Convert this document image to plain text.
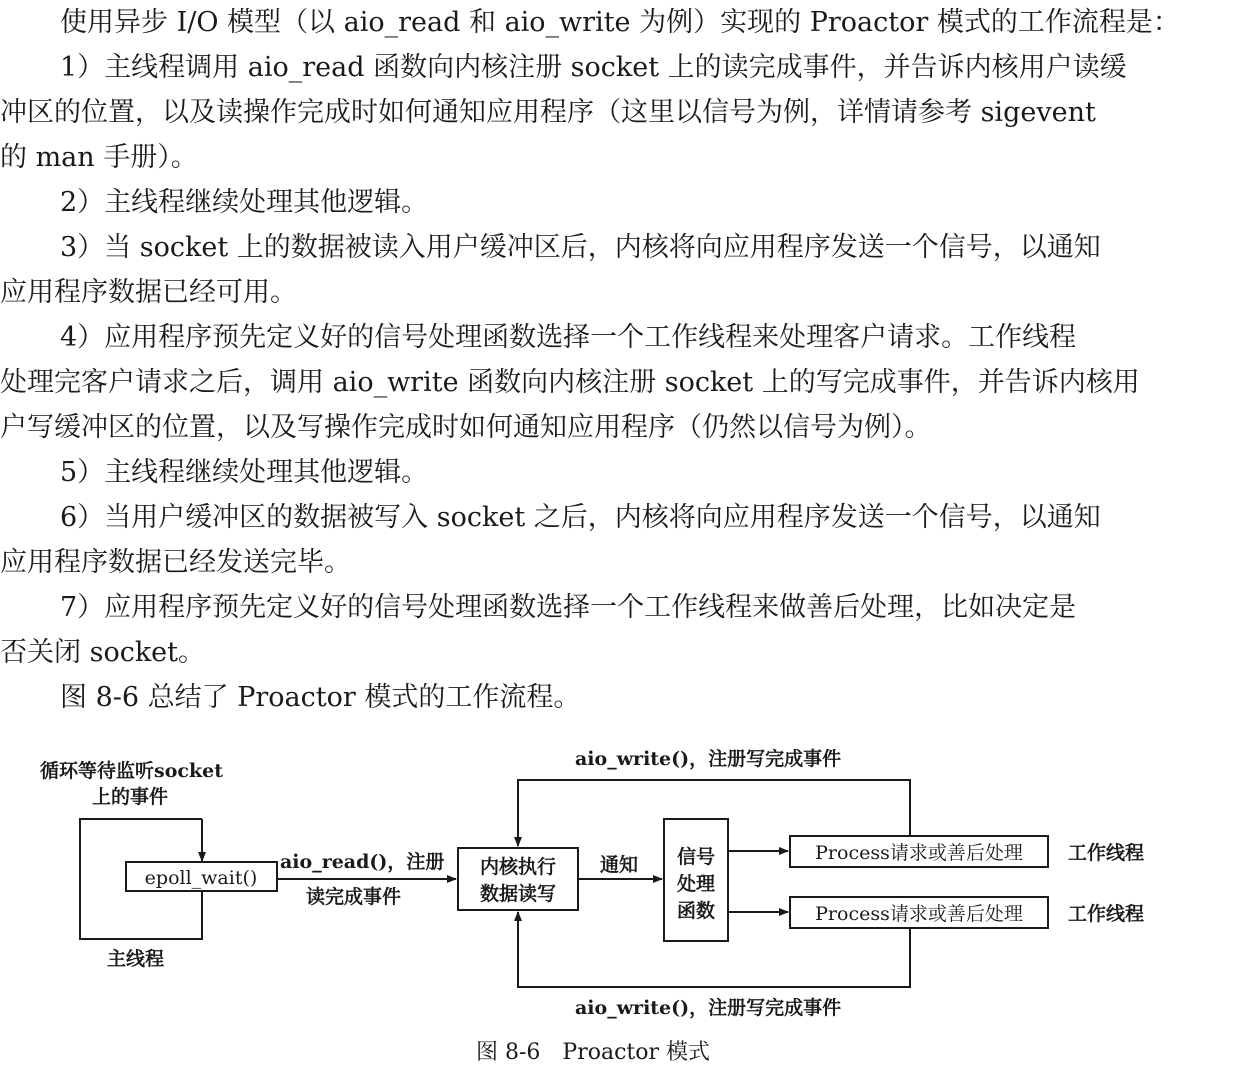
使用异步 I/O 模型（以 aio_read 和 aio_write 为例）实现的 Proactor 模式的工作流程是：
1）主线程调用 aio_read 函数向内核注册 socket 上的读完成事件，并告诉内核用户读缓
冲区的位置，以及读操作完成时如何通知应用程序（这里以信号为例，详情请参考 sigevent
的 man 手册）。
2）主线程继续处理其他逻辑。
3）当 socket 上的数据被读入用户缓冲区后，内核将向应用程序发送一个信号，以通知
应用程序数据已经可用。
4）应用程序预先定义好的信号处理函数选择一个工作线程来处理客户请求。工作线程
处理完客户请求之后，调用 aio_write 函数向内核注册 socket 上的写完成事件，并告诉内核用
户写缓冲区的位置，以及写操作完成时如何通知应用程序（仍然以信号为例）。
5）主线程继续处理其他逻辑。
6）当用户缓冲区的数据被写入 socket 之后，内核将向应用程序发送一个信号，以通知
应用程序数据已经发送完毕。
7）应用程序预先定义好的信号处理函数选择一个工作线程来做善后处理，比如决定是
否关闭 socket。
图 8-6 总结了 Proactor 模式的工作流程。
循环等待监听socket
上的事件
epoll_wait()
主线程
aio_read()，注册
读完成事件
内核执行
数据读写
通知 信号
处理
函数
Process请求或善后处理
Process请求或善后处理
工作线程
工作线程
aio_write()，注册写完成事件
aio_write()，注册写完成事件
图 8-6　Proactor 模式
